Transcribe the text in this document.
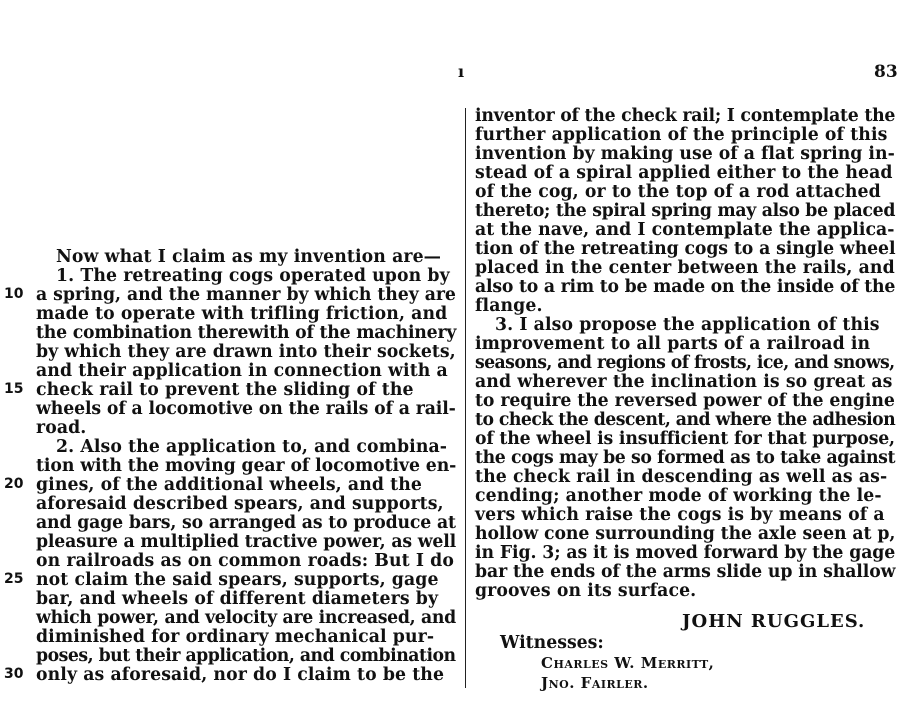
ı	83
Now what I claim as my invention are—
1. The retreating cogs operated upon by
a spring, and the manner by which they are
made to operate with trifling friction, and
the combination therewith of the machinery
by which they are drawn into their sockets,
and their application in connection with a
check rail to prevent the sliding of the
wheels of a locomotive on the rails of a rail-
road.
2. Also the application to, and combina-
tion with the moving gear of locomotive en-
gines, of the additional wheels, and the
aforesaid described spears, and supports,
and gage bars, so arranged as to produce at
pleasure a multiplied tractive power, as well
on railroads as on common roads: But I do
not claim the said spears, supports, gage
bar, and wheels of different diameters by
which power, and velocity are increased, and
diminished for ordinary mechanical pur-
poses, but their application, and combination
only as aforesaid, nor do I claim to be the
inventor of the check rail; I contemplate the
further application of the principle of this
invention by making use of a flat spring in-
stead of a spiral applied either to the head
of the cog, or to the top of a rod attached
thereto; the spiral spring may also be placed
at the nave, and I contemplate the applica-
tion of the retreating cogs to a single wheel
placed in the center between the rails, and
also to a rim to be made on the inside of the
flange.
3. I also propose the application of this
improvement to all parts of a railroad in
seasons, and regions of frosts, ice, and snows,
and wherever the inclination is so great as
to require the reversed power of the engine
to check the descent, and where the adhesion
of the wheel is insufficient for that purpose,
the cogs may be so formed as to take against
the check rail in descending as well as as-
cending; another mode of working the le-
vers which raise the cogs is by means of a
hollow cone surrounding the axle seen at p,
in Fig. 3; as it is moved forward by the gage
bar the ends of the arms slide up in shallow
grooves on its surface.
10
15
20
25
30
JOHN RUGGLES.
Witnesses:
Charles W. Merritt,
Jno. Fairler.
